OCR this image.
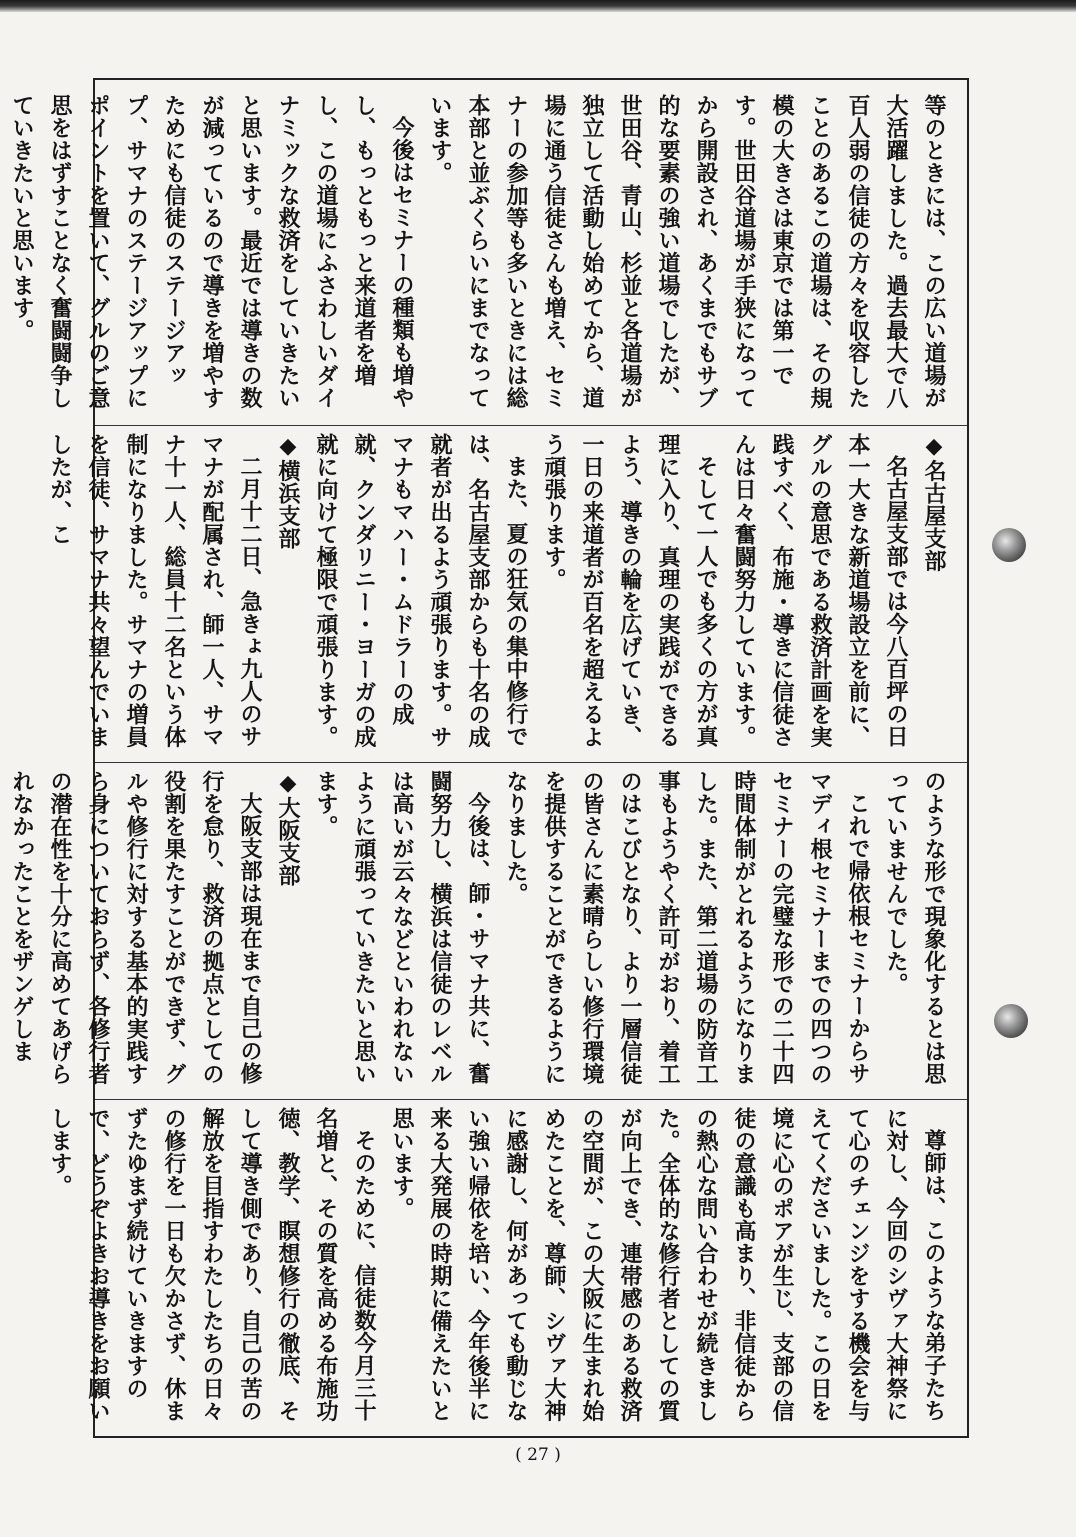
等のときには、この広い道場が大活躍しました。過去最大で八百人弱の信徒の方々を収容したことのあるこの道場は、その規模の大きさは東京では第一です。世田谷道場が手狭になってから開設され、あくまでもサブ的な要素の強い道場でしたが、世田谷、青山、杉並と各道場が独立して活動し始めてから、道場に通う信徒さんも増え、セミナーの参加等も多いときには総本部と並ぶくらいにまでなっています。

今後はセミナーの種類も増やし、もっともっと来道者を増し、この道場にふさわしいダイナミックな救済をしていきたいと思います。最近では導きの数が減っているので導きを増やすためにも信徒のステージアップ、サマナのステージアップにポイントを置いて、グルのご意思をはずすことなく奮闘闘争していきたいと思います。

◆名古屋支部

名古屋支部では今八百坪の日本一大きな新道場設立を前に、グルの意思である救済計画を実践すべく、布施・導きに信徒さんは日々奮闘努力しています。

そして一人でも多くの方が真理に入り、真理の実践ができるよう、導きの輪を広げていき、一日の来道者が百名を超えるよう頑張ります。

また、夏の狂気の集中修行では、名古屋支部からも十名の成就者が出るよう頑張ります。サマナもマハー・ムドラーの成就、クンダリニー・ヨーガの成就に向けて極限で頑張ります。

◆横浜支部

二月十二日、急きょ九人のサマナが配属され、師一人、サマナ十一人、総員十二名という体制になりました。サマナの増員を信徒、サマナ共々望んでいましたが、こ

のような形で現象化するとは思っていませんでした。

これで帰依根セミナーからサマディ根セミナーまでの四つのセミナーの完璧な形での二十四時間体制がとれるようになりました。また、第二道場の防音工事もようやく許可がおり、着工のはこびとなり、より一層信徒の皆さんに素晴らしい修行環境を提供することができるようになりました。

今後は、師・サマナ共に、奮闘努力し、横浜は信徒のレベルは高いが云々などといわれないように頑張っていきたいと思います。

◆大阪支部

大阪支部は現在まで自己の修行を怠り、救済の拠点としての役割を果たすことができず、グルや修行に対する基本的実践すら身についておらず、各修行者の潜在性を十分に高めてあげられなかったことをザンゲしま

尊師は、このような弟子たちに対し、今回のシヴァ大神祭にて心のチェンジをする機会を与えてくださいました。この日を境に心のポアが生じ、支部の信徒の意識も高まり、非信徒からの熱心な問い合わせが続きました。全体的な修行者としての質が向上でき、連帯感のある救済の空間が、この大阪に生まれ始めたことを、尊師、シヴァ大神に感謝し、何があっても動じない強い帰依を培い、今年後半に来る大発展の時期に備えたいと思います。

そのために、信徒数今月三十名増と、その質を高める布施功徳、教学、瞑想修行の徹底、そして導き側であり、自己の苦の解放を目指すわたしたちの日々の修行を一日も欠かさず、休まずたゆまず続けていきますので、どうぞよきお導きをお願いします。

( 27 )
